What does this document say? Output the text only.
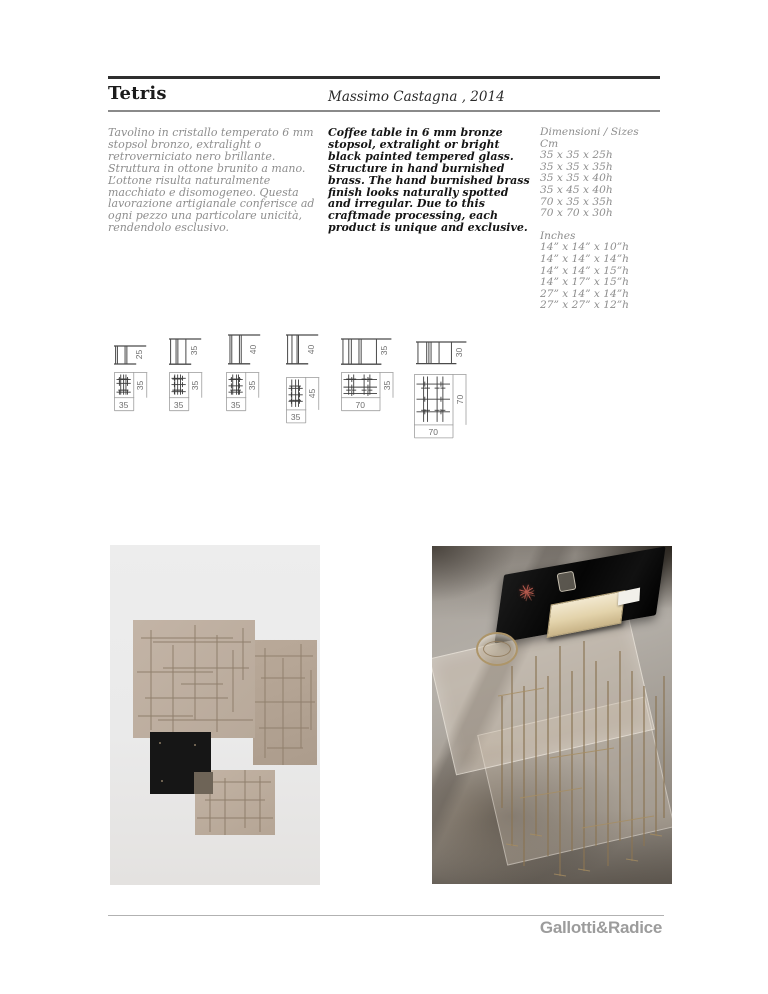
Tetris	Massimo Castagna , 2014
Tavolino in cristallo temperato 6 mm stopsol bronzo, extralight o retroverniciato nero brillante. Struttura in ottone brunito a mano. L’ottone risulta naturalmente macchiato e disomogeneo. Questa lavorazione artigianale conferisce ad ogni pezzo una particolare unicità, rendendolo esclusivo.
Coffee table in 6 mm bronze stopsol, extralight or bright black painted tempered glass. Structure in hand burnished brass. The hand burnished brass finish looks naturally spotted and irregular. Due to this craftmade processing, each product is unique and exclusive.
Dimensioni / Sizes
Cm
35 x 35 x 25h
35 x 35 x 35h
35 x 35 x 40h
35 x 45 x 40h
70 x 35 x 35h
70 x 70 x 30h
Inches
14” x 14” x 10”h
14” x 14” x 14”h
14” x 14” x 15”h
14” x 17” x 15”h
27” x 14” x 14”h
27” x 27” x 12”h
25	35	40	40	35	30
35
35
35
35
35
35
35
45
70
35
70
70
✳
Gallotti&Radice
